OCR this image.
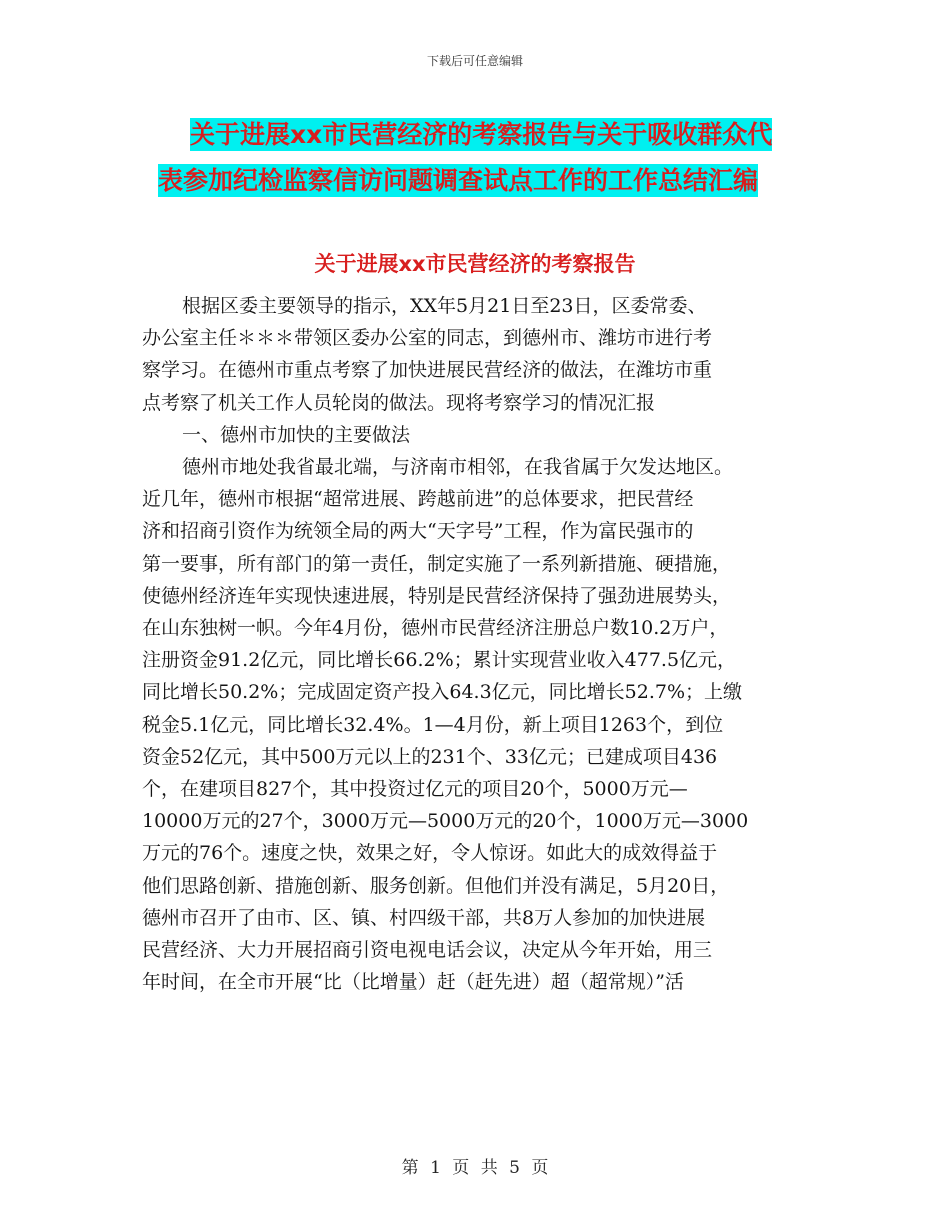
下载后可任意编辑
关于进展xx市民营经济的考察报告与关于吸收群众代
表参加纪检监察信访问题调查试点工作的工作总结汇编
关于进展xx市民营经济的考察报告
根据区委主要领导的指示，XX年5月21日至23日，区委常委、
办公室主任＊＊＊带领区委办公室的同志，到德州市、潍坊市进行考
察学习。在德州市重点考察了加快进展民营经济的做法，在潍坊市重
点考察了机关工作人员轮岗的做法。现将考察学习的情况汇报
一、德州市加快的主要做法
德州市地处我省最北端，与济南市相邻，在我省属于欠发达地区。
近几年，德州市根据“超常进展、跨越前进”的总体要求，把民营经
济和招商引资作为统领全局的两大“天字号”工程，作为富民强市的
第一要事，所有部门的第一责任，制定实施了一系列新措施、硬措施，
使德州经济连年实现快速进展，特别是民营经济保持了强劲进展势头，
在山东独树一帜。今年4月份，德州市民营经济注册总户数10.2万户，
注册资金91.2亿元，同比增长66.2%；累计实现营业收入477.5亿元，
同比增长50.2%；完成固定资产投入64.3亿元，同比增长52.7%；上缴
税金5.1亿元，同比增长32.4%。1—4月份，新上项目1263个，到位
资金52亿元，其中500万元以上的231个、33亿元；已建成项目436
个，在建项目827个，其中投资过亿元的项目20个，5000万元—
10000万元的27个，3000万元—5000万元的20个，1000万元—3000
万元的76个。速度之快，效果之好，令人惊讶。如此大的成效得益于
他们思路创新、措施创新、服务创新。但他们并没有满足，5月20日，
德州市召开了由市、区、镇、村四级干部，共8万人参加的加快进展
民营经济、大力开展招商引资电视电话会议，决定从今年开始，用三
年时间，在全市开展“比（比增量）赶（赶先进）超（超常规）”活
第 1 页 共 5 页
